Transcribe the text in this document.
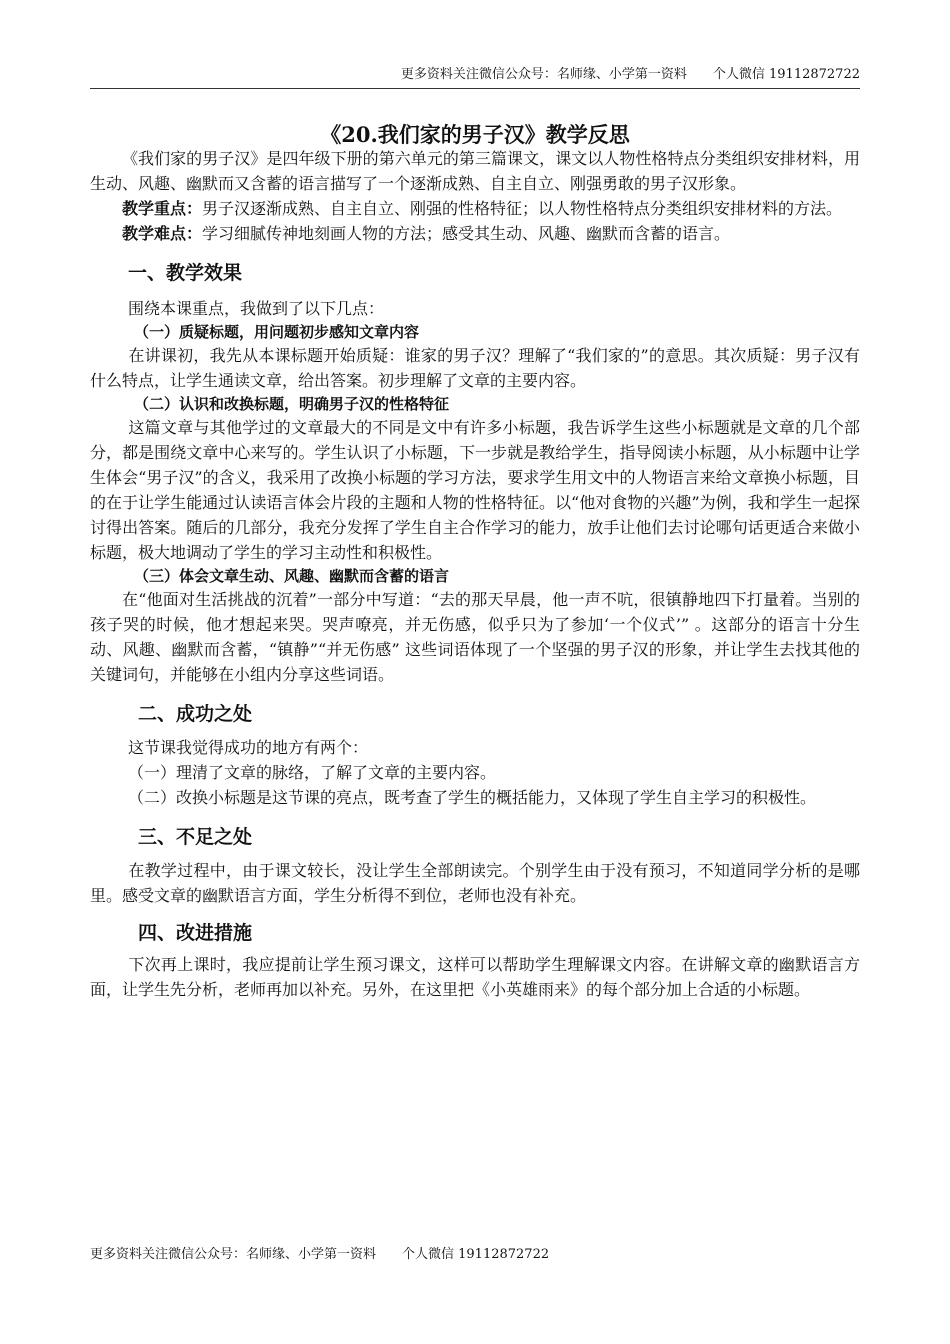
更多资料关注微信公众号：名师缘、小学第一资料　　个人微信 19112872722
《20.我们家的男子汉》教学反思

《我们家的男子汉》是四年级下册的第六单元的第三篇课文，课文以人物性格特点分类组织安排材料，用生动、风趣、幽默而又含蓄的语言描写了一个逐渐成熟、自主自立、刚强勇敢的男子汉形象。

教学重点：男子汉逐渐成熟、自主自立、刚强的性格特征；以人物性格特点分类组织安排材料的方法。

教学难点：学习细腻传神地刻画人物的方法；感受其生动、风趣、幽默而含蓄的语言。

一、教学效果

围绕本课重点，我做到了以下几点：

（一）质疑标题，用问题初步感知文章内容

在讲课初，我先从本课标题开始质疑：谁家的男子汉？理解了“我们家的”的意思。其次质疑：男子汉有什么特点，让学生通读文章，给出答案。初步理解了文章的主要内容。

（二）认识和改换标题，明确男子汉的性格特征

这篇文章与其他学过的文章最大的不同是文中有许多小标题，我告诉学生这些小标题就是文章的几个部分，都是围绕文章中心来写的。学生认识了小标题，下一步就是教给学生，指导阅读小标题，从小标题中让学生体会“男子汉”的含义，我采用了改换小标题的学习方法，要求学生用文中的人物语言来给文章换小标题，目的在于让学生能通过认读语言体会片段的主题和人物的性格特征。以“他对食物的兴趣”为例，我和学生一起探讨得出答案。随后的几部分，我充分发挥了学生自主合作学习的能力，放手让他们去讨论哪句话更适合来做小标题，极大地调动了学生的学习主动性和积极性。

（三）体会文章生动、风趣、幽默而含蓄的语言

在“他面对生活挑战的沉着”一部分中写道：“去的那天早晨，他一声不吭，很镇静地四下打量着。当别的孩子哭的时候，他才想起来哭。哭声嘹亮，并无伤感，似乎只为了参加‘一个仪式’” 。这部分的语言十分生动、风趣、幽默而含蓄，“镇静”“并无伤感” 这些词语体现了一个坚强的男子汉的形象，并让学生去找其他的关键词句，并能够在小组内分享这些词语。

二、成功之处

这节课我觉得成功的地方有两个：

（一）理清了文章的脉络，了解了文章的主要内容。

（二）改换小标题是这节课的亮点，既考查了学生的概括能力，又体现了学生自主学习的积极性。

三、不足之处

在教学过程中，由于课文较长，没让学生全部朗读完。个别学生由于没有预习，不知道同学分析的是哪里。感受文章的幽默语言方面，学生分析得不到位，老师也没有补充。

四、改进措施

下次再上课时，我应提前让学生预习课文，这样可以帮助学生理解课文内容。在讲解文章的幽默语言方面，让学生先分析，老师再加以补充。另外，在这里把《小英雄雨来》的每个部分加上合适的小标题。

更多资料关注微信公众号：名师缘、小学第一资料　　个人微信 19112872722
